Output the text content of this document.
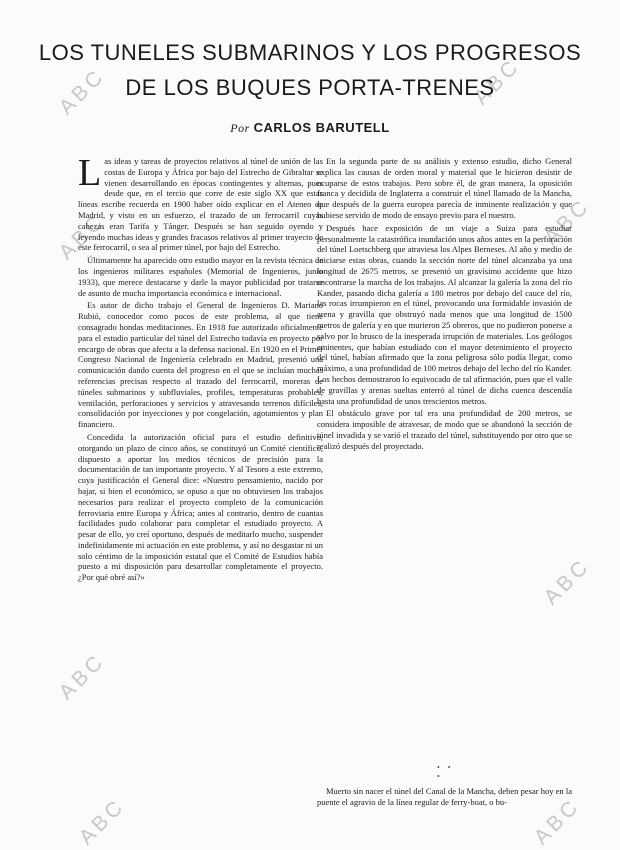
ABC	ABC
ABC	ABC
ABC
ABC
ABC	ABC
LOS TUNELES SUBMARINOS Y LOS PROGRESOS
DE LOS BUQUES PORTA-TRENES
Por CARLOS BARUTELL

Las ideas y tareas de proyectos relativos al túnel de unión de las costas de Europa y África por bajo del Estrecho de Gibraltar se vienen desarrollando en épocas contingentes y alternas, pues desde que, en el tercio que corre de este siglo XX que estas líneas escribe recuerda en 1900 haber oído explicar en el Ateneo de Madrid, y visto en un esfuerzo, el trazado de un ferrocarril cuyas cabezas eran Tarifa y Tánger. Después se han seguido oyendo y leyendo muchas ideas y grandes fracasos relativos al primer trayecto de este ferrocarril, o sea al primer túnel, por bajo del Estrecho.

Últimamente ha aparecido otro estudio mayor en la revista técnica de los ingenieros militares españoles (Memorial de Ingenieros, junio 1933), que merece destacarse y darle la mayor publicidad por tratarse de asunto de mucha importancia económica e internacional.

Es autor de dicho trabajo el General de Ingenieros D. Mariano Rubió, conocedor como pocos de este problema, al que tiene consagrado hondas meditaciones. En 1918 fue autorizado oficialmente para el estudio particular del túnel del Estrecho todavía en proyecto por encargo de obras que afecta a la defensa nacional. En 1920 en el Primer Congreso Nacional de Ingeniería celebrado en Madrid, presentó una comunicación dando cuenta del progreso en el que se incluían muchas referencias precisas respecto al trazado del ferrocarril, moreras de túneles submarinos y subfluviales, profiles, temperaturas probables, ventilación, perforaciones y servicios y atravesando terrenos difíciles, consolidación por inyecciones y por congelación, agotamientos y plan financiero.

Concedida la autorización oficial para el estudio definitivo, otorgando un plazo de cinco años, se constituyó un Comité científico, dispuesto a aportar los medios técnicos de precisión para la documentación de tan importante proyecto. Y al Tesoro a este extremo, cuya justificación el General dice: «Nuestro pensamiento, nacido por bajar, si bien el económico, se opuso a que no obtuviesen los trabajos necesarios para realizar el proyecto completo de la comunicación ferroviaria entre Europa y África; antes al contrario, dentro de cuantas facilidades pudo colaborar para completar el estudiado proyecto. A pesar de ello, yo creí oportuno, después de meditarlo mucho, suspender indefinidamente mi actuación en este problema, y así no desgastar ni un solo céntimo de la imposición estatal que el Comité de Estudios había puesto a mi disposición para desarrollar completamente el proyecto. ¿Por qué obré así?»

En la segunda parte de su análisis y extenso estudio, dicho General explica las causas de orden moral y material que le hicieron desistir de ocuparse de estos trabajos. Pero sobre él, de gran manera, la oposición franca y decidida de Inglaterra a construir el túnel llamado de la Mancha, que después de la guerra europea parecía de inminente realización y que hubiese servido de modo de ensayo previo para el nuestro.

Después hace exposición de un viaje a Suiza para estudiar personalmente la catastrófica inundación unos años antes en la perforación del túnel Loetschberg que atraviesa los Alpes Berneses. Al año y medio de iniciarse estas obras, cuando la sección norte del túnel alcanzaba ya una longitud de 2675 metros, se presentó un gravísimo accidente que hizo encontrarse la marcha de los trabajos. Al alcanzar la galería la zona del río Kander, pasando dicha galería a 180 metros por debajo del cauce del río, las rocas irrumpieron en el túnel, provocando una formidable invasión de arena y gravilla que obstruyó nada menos que una longitud de 1500 metros de galería y en que murieron 25 obreros, que no pudieron ponerse a salvo por lo brusco de la inesperada irrupción de materiales. Los geólogos eminentes, que habían estudiado con el mayor detenimiento el proyecto del túnel, habían afirmado que la zona peligrosa sólo podía llegar, como máximo, a una profundidad de 100 metros debajo del lecho del río Kander. Los hechos demostraron lo equivocado de tal afirmación, pues que el valle de gravillas y arenas sueltas enterró al túnel de dicha cuenca descendía hasta una profundidad de unos trescientos metros.

El obstáculo grave por tal era una profundidad de 200 metros, se considera imposible de atravesar, de modo que se abandonó la sección de túnel invadida y se varió el trazado del túnel, substituyendo por otro que se realizó después del proyectado.

• • •

Muerto sin nacer el túnel del Canal de la Mancha, deben pesar hoy en la puente el agravio de la línea regular de ferry-boat, o bu-
